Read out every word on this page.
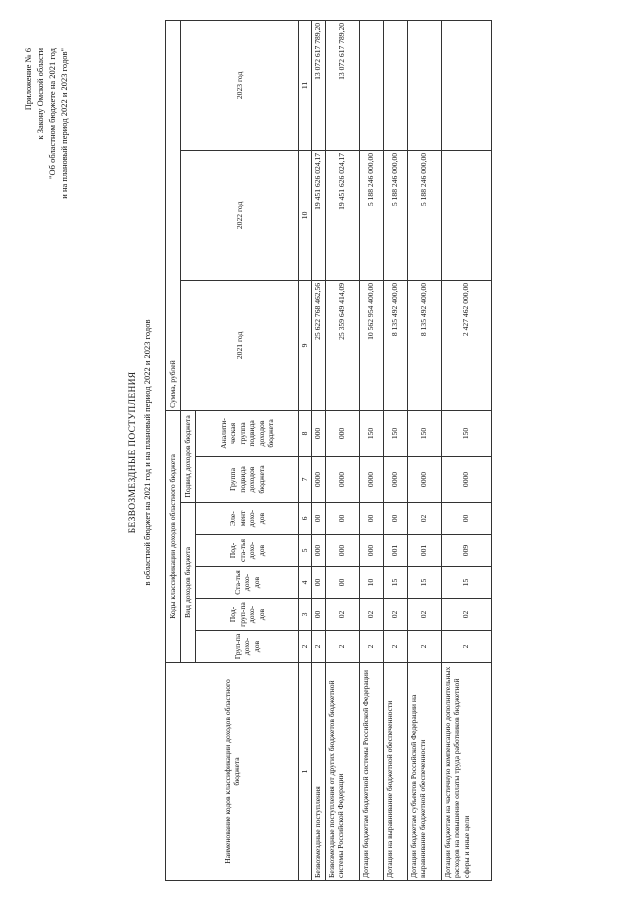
Приложение № 6 к Закону Омской области "Об областном бюджете на 2021 год и на плановый период 2022 и 2023 годов"
БЕЗВОЗМЕЗДНЫЕ ПОСТУПЛЕНИЯ в областной бюджет на 2021 год и на плановый период 2022 и 2023 годов
Наименование кодов классификации доходов областного бюджета	Коды классификации доходов областного бюджета							Сумма, рублей		
	Вид доходов бюджета					Подвид доходов бюджета		2021 год	2022 год	2023 год
	Груп-па дохо-дов	Под-груп-па дохо-дов	Ста-тья дохо-дов	Под-ста-тья дохо-дов	Эле-мент дохо-дов	Группа подвида доходов бюджета	Аналити-ческая группа подвида доходов бюджета			
1	2	3	4	5	6	7	8	9	10	11
Безвозмездные поступления	2	00	00	000	00	0000	000	25 622 768 462,56	19 451 626 024,17	13 072 617 789,20
Безвозмездные поступления от других бюджетов бюджетной системы Российской Федерации	2	02	00	000	00	0000	000	25 359 649 414,09	19 451 626 024,17	13 072 617 789,20
Дотации бюджетам бюджетной системы Российской Федерации	2	02	10	000	00	0000	150	10 562 954 400,00	5 188 246 000,00	
Дотации на выравнивание бюджетной обеспеченности	2	02	15	001	00	0000	150	8 135 492 400,00	5 188 246 000,00	
Дотации бюджетам субъектов Российской Федерации на выравнивание бюджетной обеспеченности	2	02	15	001	02	0000	150	8 135 492 400,00	5 188 246 000,00	
Дотации бюджетам на частичную компенсацию дополнительных расходов на повышение оплаты труда работников бюджетной сферы и иные цели	2	02	15	009	00	0000	150	2 427 462 000,00		
